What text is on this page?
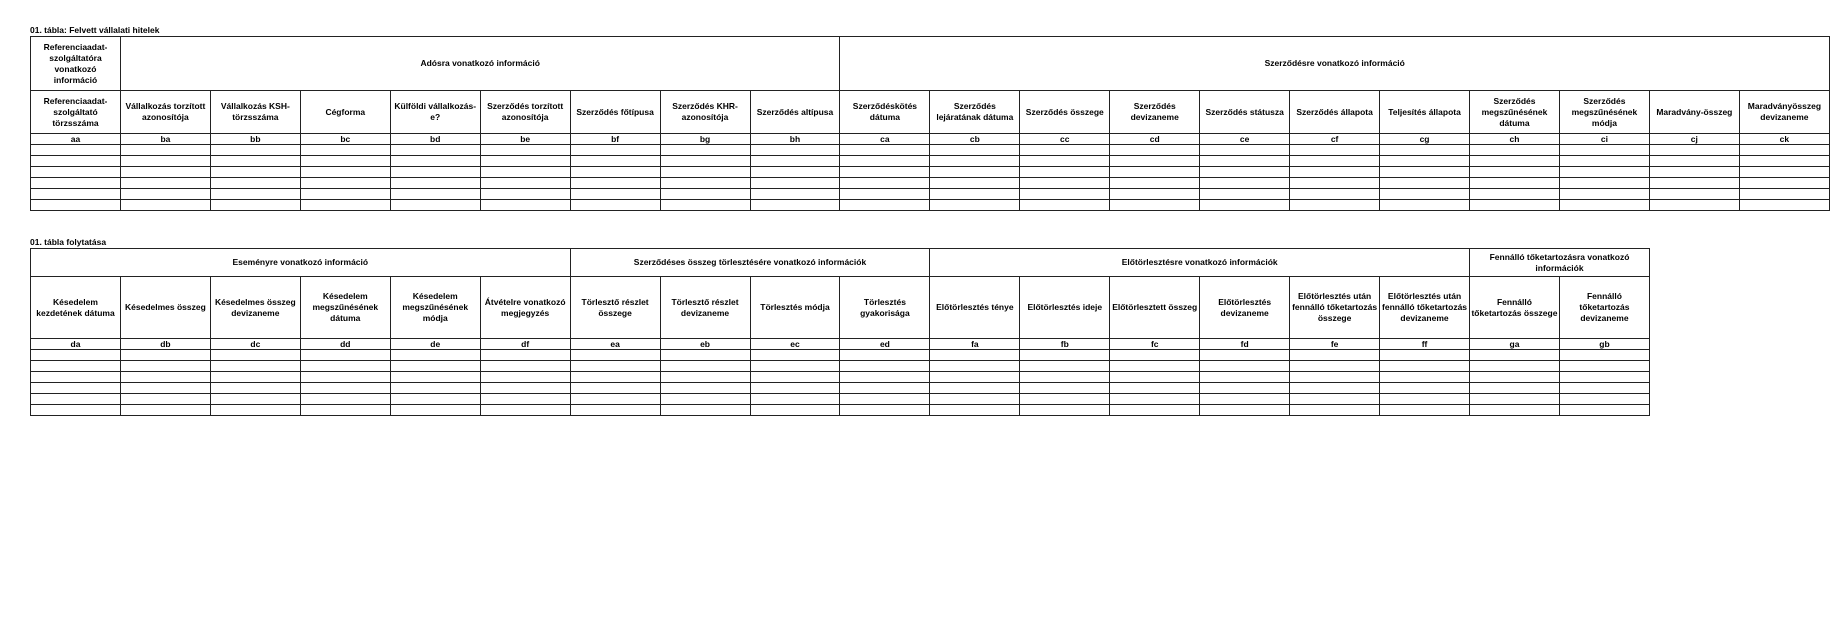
01. tábla: Felvett vállalati hitelek
Referenciaadat-szolgáltatóra vonatkozó információ	Adósra vonatkozó információ								Szerződésre vonatkozó információ										
Referenciaadat-szolgáltató törzsszáma	Vállalkozás torzított azonosítója	Vállalkozás KSH-törzsszáma	Cégforma	Külföldi vállalkozás-e?	Szerződés torzított azonosítója	Szerződés főtípusa	Szerződés KHR-azonosítója	Szerződés altípusa	Szerződéskötés dátuma	Szerződés lejáratának dátuma	Szerződés összege	Szerződés devizaneme	Szerződés státusza	Szerződés állapota	Teljesítés állapota	Szerződés megszűnésének dátuma	Szerződés megszűnésének módja	Maradvány-összeg	Maradványösszeg devizaneme
aa	ba	bb	bc	bd	be	bf	bg	bh	ca	cb	cc	cd	ce	cf	cg	ch	ci	cj	ck

01. tábla folytatása
Eseményre vonatkozó információ						Szerződéses összeg törlesztésére vonatkozó információk				Előtörlesztésre vonatkozó információk						Fennálló tőketartozásra vonatkozó információk	
Késedelem kezdetének dátuma	Késedelmes összeg	Késedelmes összeg devizaneme	Késedelem megszűnésének dátuma	Késedelem megszűnésének módja	Átvételre vonatkozó megjegyzés	Törlesztő részlet összege	Törlesztő részlet devizaneme	Törlesztés módja	Törlesztés gyakorisága	Előtörlesztés ténye	Előtörlesztés ideje	Előtörlesztett összeg	Előtörlesztés devizaneme	Előtörlesztés után fennálló tőketartozás összege	Előtörlesztés után fennálló tőketartozás devizaneme	Fennálló tőketartozás összege	Fennálló tőketartozás devizaneme
da	db	dc	dd	de	df	ea	eb	ec	ed	fa	fb	fc	fd	fe	ff	ga	gb
